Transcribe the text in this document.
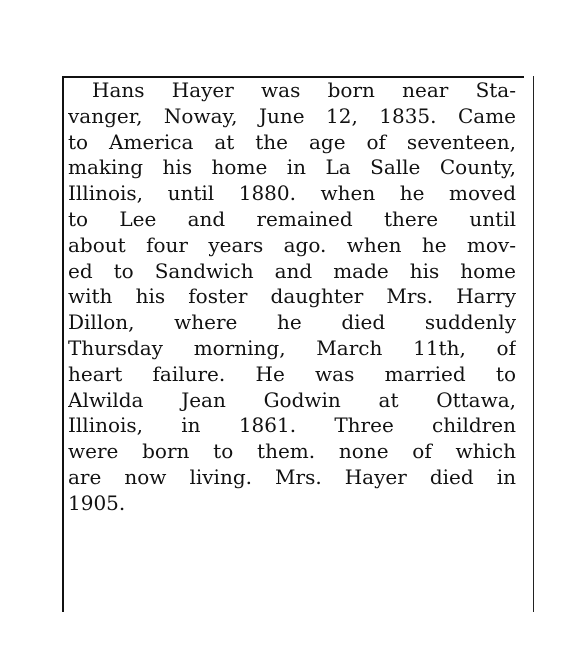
Hans Hayer was born near Sta-
vanger, Noway, June 12, 1835. Came
to America at the age of seventeen,
making his home in La Salle County,
Illinois, until 1880. when he moved
to Lee and remained there until
about four years ago. when he mov-
ed to Sandwich and made his home
with his foster daughter Mrs. Harry
Dillon, where he died suddenly
Thursday morning, March 11th, of
heart failure. He was married to
Alwilda Jean Godwin at Ottawa,
Illinois, in 1861. Three children
were born to them. none of which
are now living. Mrs. Hayer died in
1905.
